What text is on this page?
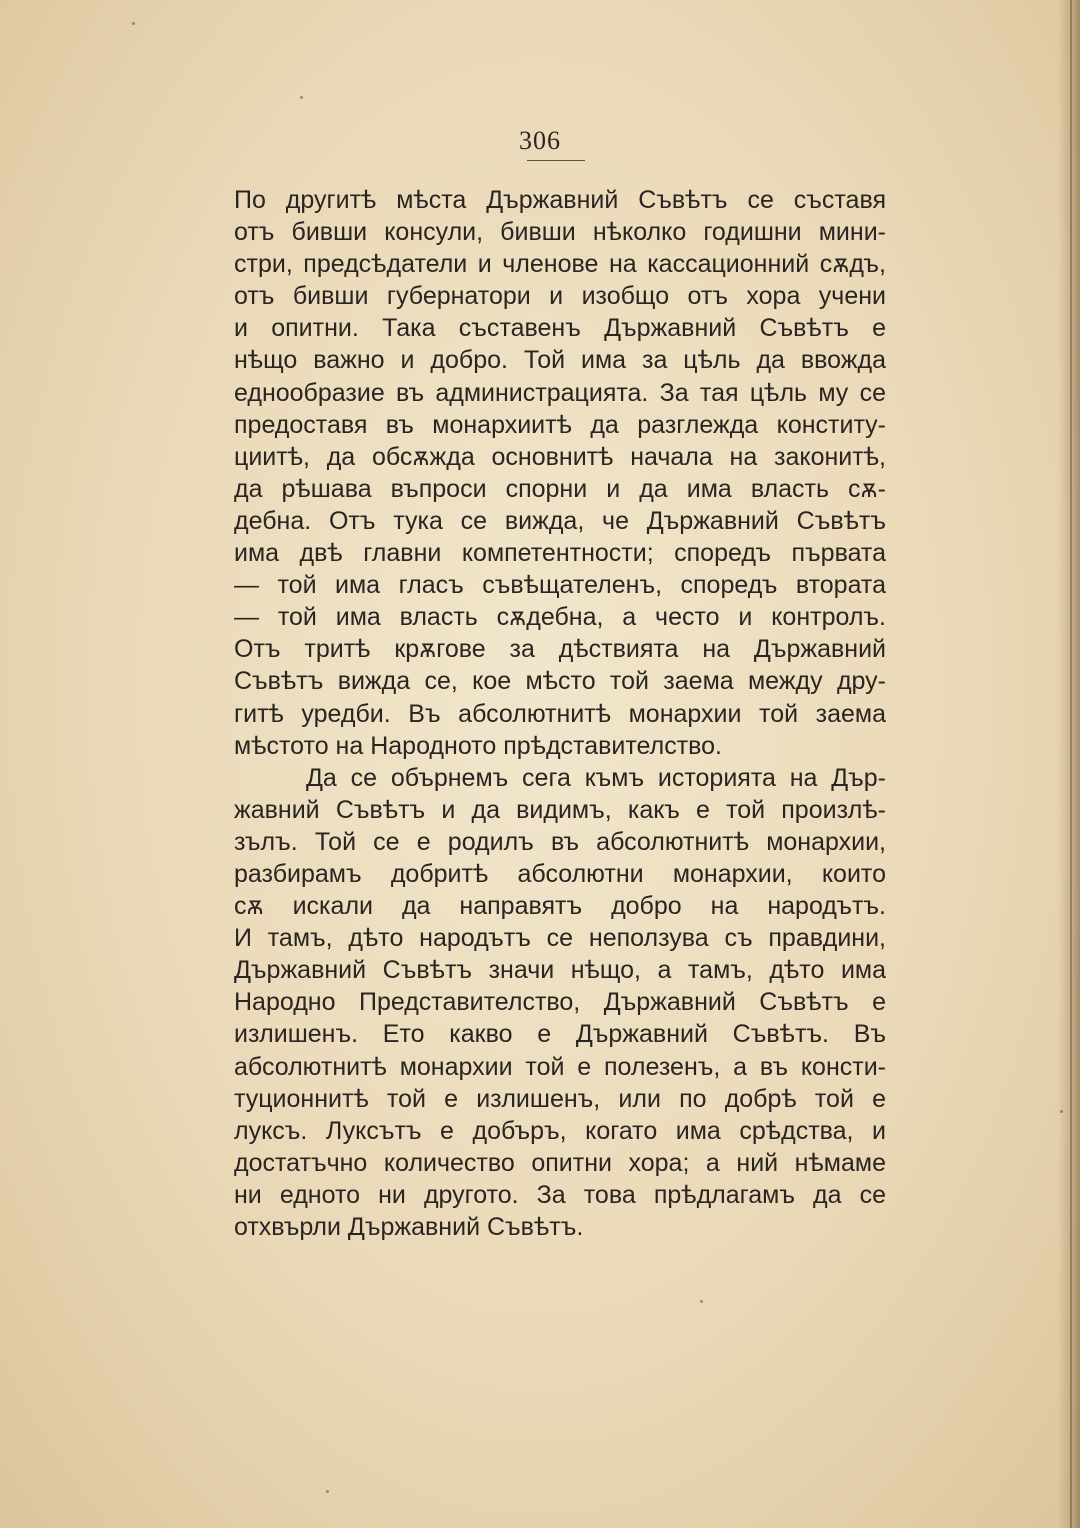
306
По другитѣ мѣста Държавний Съвѣтъ се съставя
отъ бивши консули, бивши нѣколко годишни мини-
стри, предсѣдатели и членове на кассационний сѫдъ,
отъ бивши губернатори и изобщо отъ хора учени
и опитни. Така съставенъ Държавний Съвѣтъ е
нѣщо важно и добро. Той има за цѣль да ввожда
еднообразие въ администрацията. За тая цѣль му се
предоставя въ монархиитѣ да разглежда конститу-
циитѣ, да обсѫжда основнитѣ начала на законитѣ,
да рѣшава въпроси спорни и да има власть сѫ-
дебна. Отъ тука се вижда, че Държавний Съвѣтъ
има двѣ главни компетентности; споредъ първата
— той има гласъ съвѣщателенъ, споредъ втората
— той има власть сѫдебна, а често и контролъ.
Отъ тритѣ крѫгове за дѣствията на Държавний
Съвѣтъ вижда се, кое мѣсто той заема между дру-
гитѣ уредби. Въ абсолютнитѣ монархии той заема
мѣстото на Народното прѣдставителство.
Да се обърнемъ сега къмъ историята на Дър-
жавний Съвѣтъ и да видимъ, какъ е той произлѣ-
зълъ. Той се е родилъ въ абсолютнитѣ монархии,
разбирамъ добритѣ абсолютни монархии, които
сѫ искали да направятъ добро на народътъ.
И тамъ, дѣто народътъ се неползува съ правдини,
Държавний Съвѣтъ значи нѣщо, а тамъ, дѣто има
Народно Представителство, Държавний Съвѣтъ е
излишенъ. Ето какво е Държавний Съвѣтъ. Въ
абсолютнитѣ монархии той е полезенъ, а въ консти-
туционнитѣ той е излишенъ, или по добрѣ той е
луксъ. Луксътъ е добъръ, когато има срѣдства, и
достатъчно количество опитни хора; а ний нѣмаме
ни едното ни другото. За това прѣдлагамъ да се
отхвърли Държавний Съвѣтъ.
